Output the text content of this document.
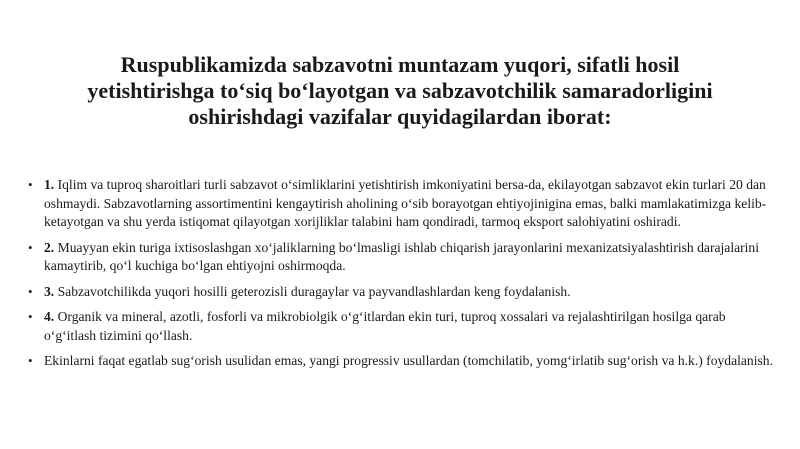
Ruspublikamizda sabzavotni muntazam yuqori, sifatli hosil
yetishtirishga to‘siq bo‘layotgan va sabzavotchilik samaradorligini
oshirishdagi vazifalar quyidagilardan iborat:
• 1. Iqlim va tuproq sharoitlari turli sabzavot o‘simliklarini yetishtirish imkoniyatini bersa-da, ekilayotgan sabzavot ekin turlari 20 dan oshmaydi. Sabzavotlarning assortimentini kengaytirish aholining o‘sib borayotgan ehtiyojinigina emas, balki mamlakatimizga kelib-ketayotgan va shu yerda istiqomat qilayotgan xorijliklar talabini ham qondiradi, tarmoq eksport salohiyatini oshiradi.
• 2. Muayyan ekin turiga ixtisoslashgan xo‘jaliklarning bo‘lmasligi ishlab chiqarish jarayonlarini mexanizatsiyalashtirish darajalarini kamaytirib, qo‘l kuchiga bo‘lgan ehtiyojni oshirmoqda.
• 3. Sabzavotchilikda yuqori hosilli geterozisli duragaylar va payvandlashlardan keng foydalanish.
• 4. Organik va mineral, azotli, fosforli va mikrobiolgik o‘g‘itlardan ekin turi, tuproq xossalari va rejalashtirilgan hosilga qarab o‘g‘itlash tizimini qo‘llash.
• Ekinlarni faqat egatlab sug‘orish usulidan emas, yangi progressiv usullardan (tomchilatib, yomg‘irlatib sug‘orish va h.k.) foydalanish.
